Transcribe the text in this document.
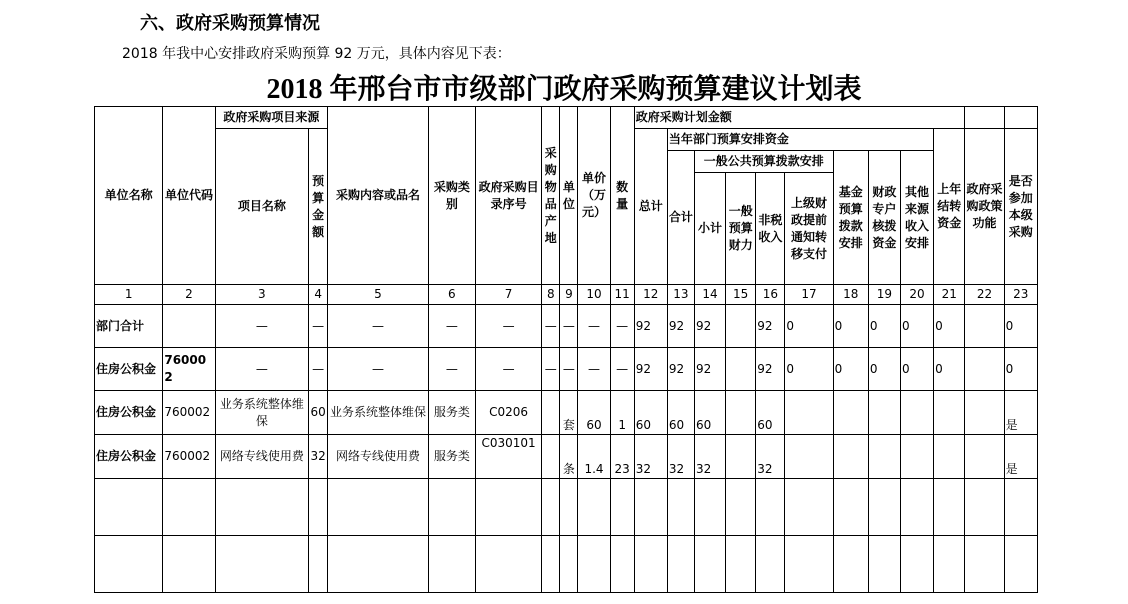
六、政府采购预算情况
2018 年我中心安排政府采购预算 92 万元，具体内容见下表：
2018 年邢台市市级部门政府采购预算建议计划表
单位名称	单位代码	政府采购项目来源		采购内容或品名	采购类别	政府采购目录序号	采购物品产地	单位	单价（万元）	数量	政府采购计划金额											
		项目名称	预算金额								总计	当年部门预算安排资金								上年结转资金	政府采购政策功能	是否参加本级采购
												合计	一般公共预算拨款安排				基金预算拨款安排	财政专户核拨资金	其他来源收入安排			
													小计	一般预算财力	非税收入	上级财政提前通知转移支付						
1	2	3	4	5	6	7	8	9	10	11	12	13	14	15	16	17	18	19	20	21	22	23
部门合计		—	—	—	—	—	—	—	—	—	92	92	92		92	0	0	0	0	0		0
住房公积金	760002	—	—	—	—	—	—	—	—	—	92	92	92		92	0	0	0	0	0		0
住房公积金	760002	业务系统整体维保	60	业务系统整体维保	服务类	C0206		套	60	1	60	60	60		60							是
住房公积金	760002	网络专线使用费	32	网络专线使用费	服务类	C030101		条	1.4	23	32	32	32		32							是
